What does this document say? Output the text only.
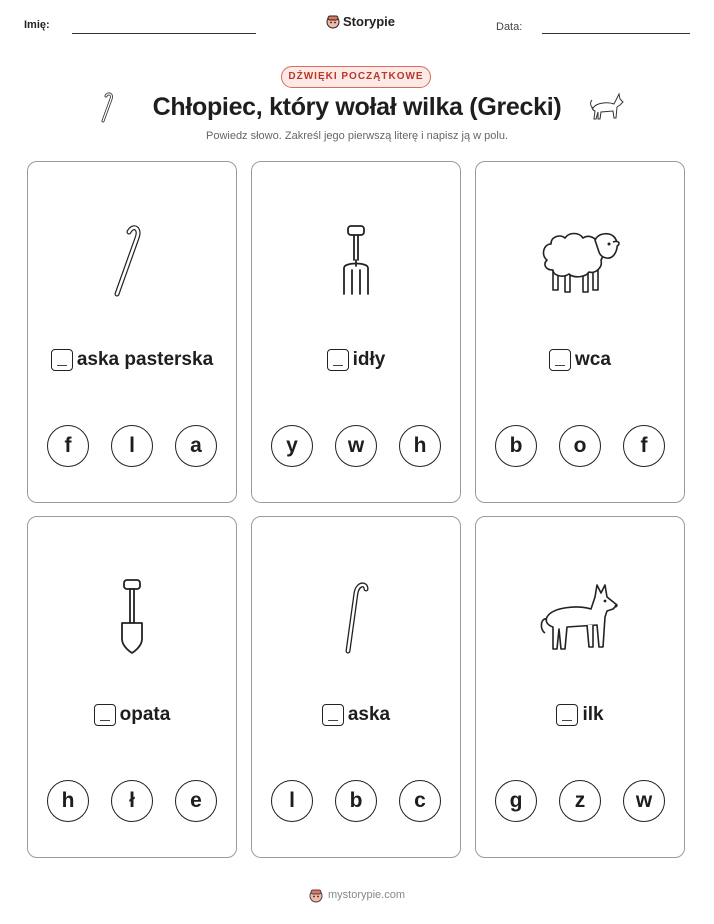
Imię:	Storypie	Data:
DŹWIĘKI POCZĄTKOWE
Chłopiec, który wołał wilka (Grecki)
Powiedz słowo. Zakreśl jego pierwszą literę i napisz ją w polu.
aska pasterska
f	l	a
idły
y	w	h
wca
b	o	f
opata
h	ł	e
aska
l	b	c
ilk
g	z	w
mystorypie.com
